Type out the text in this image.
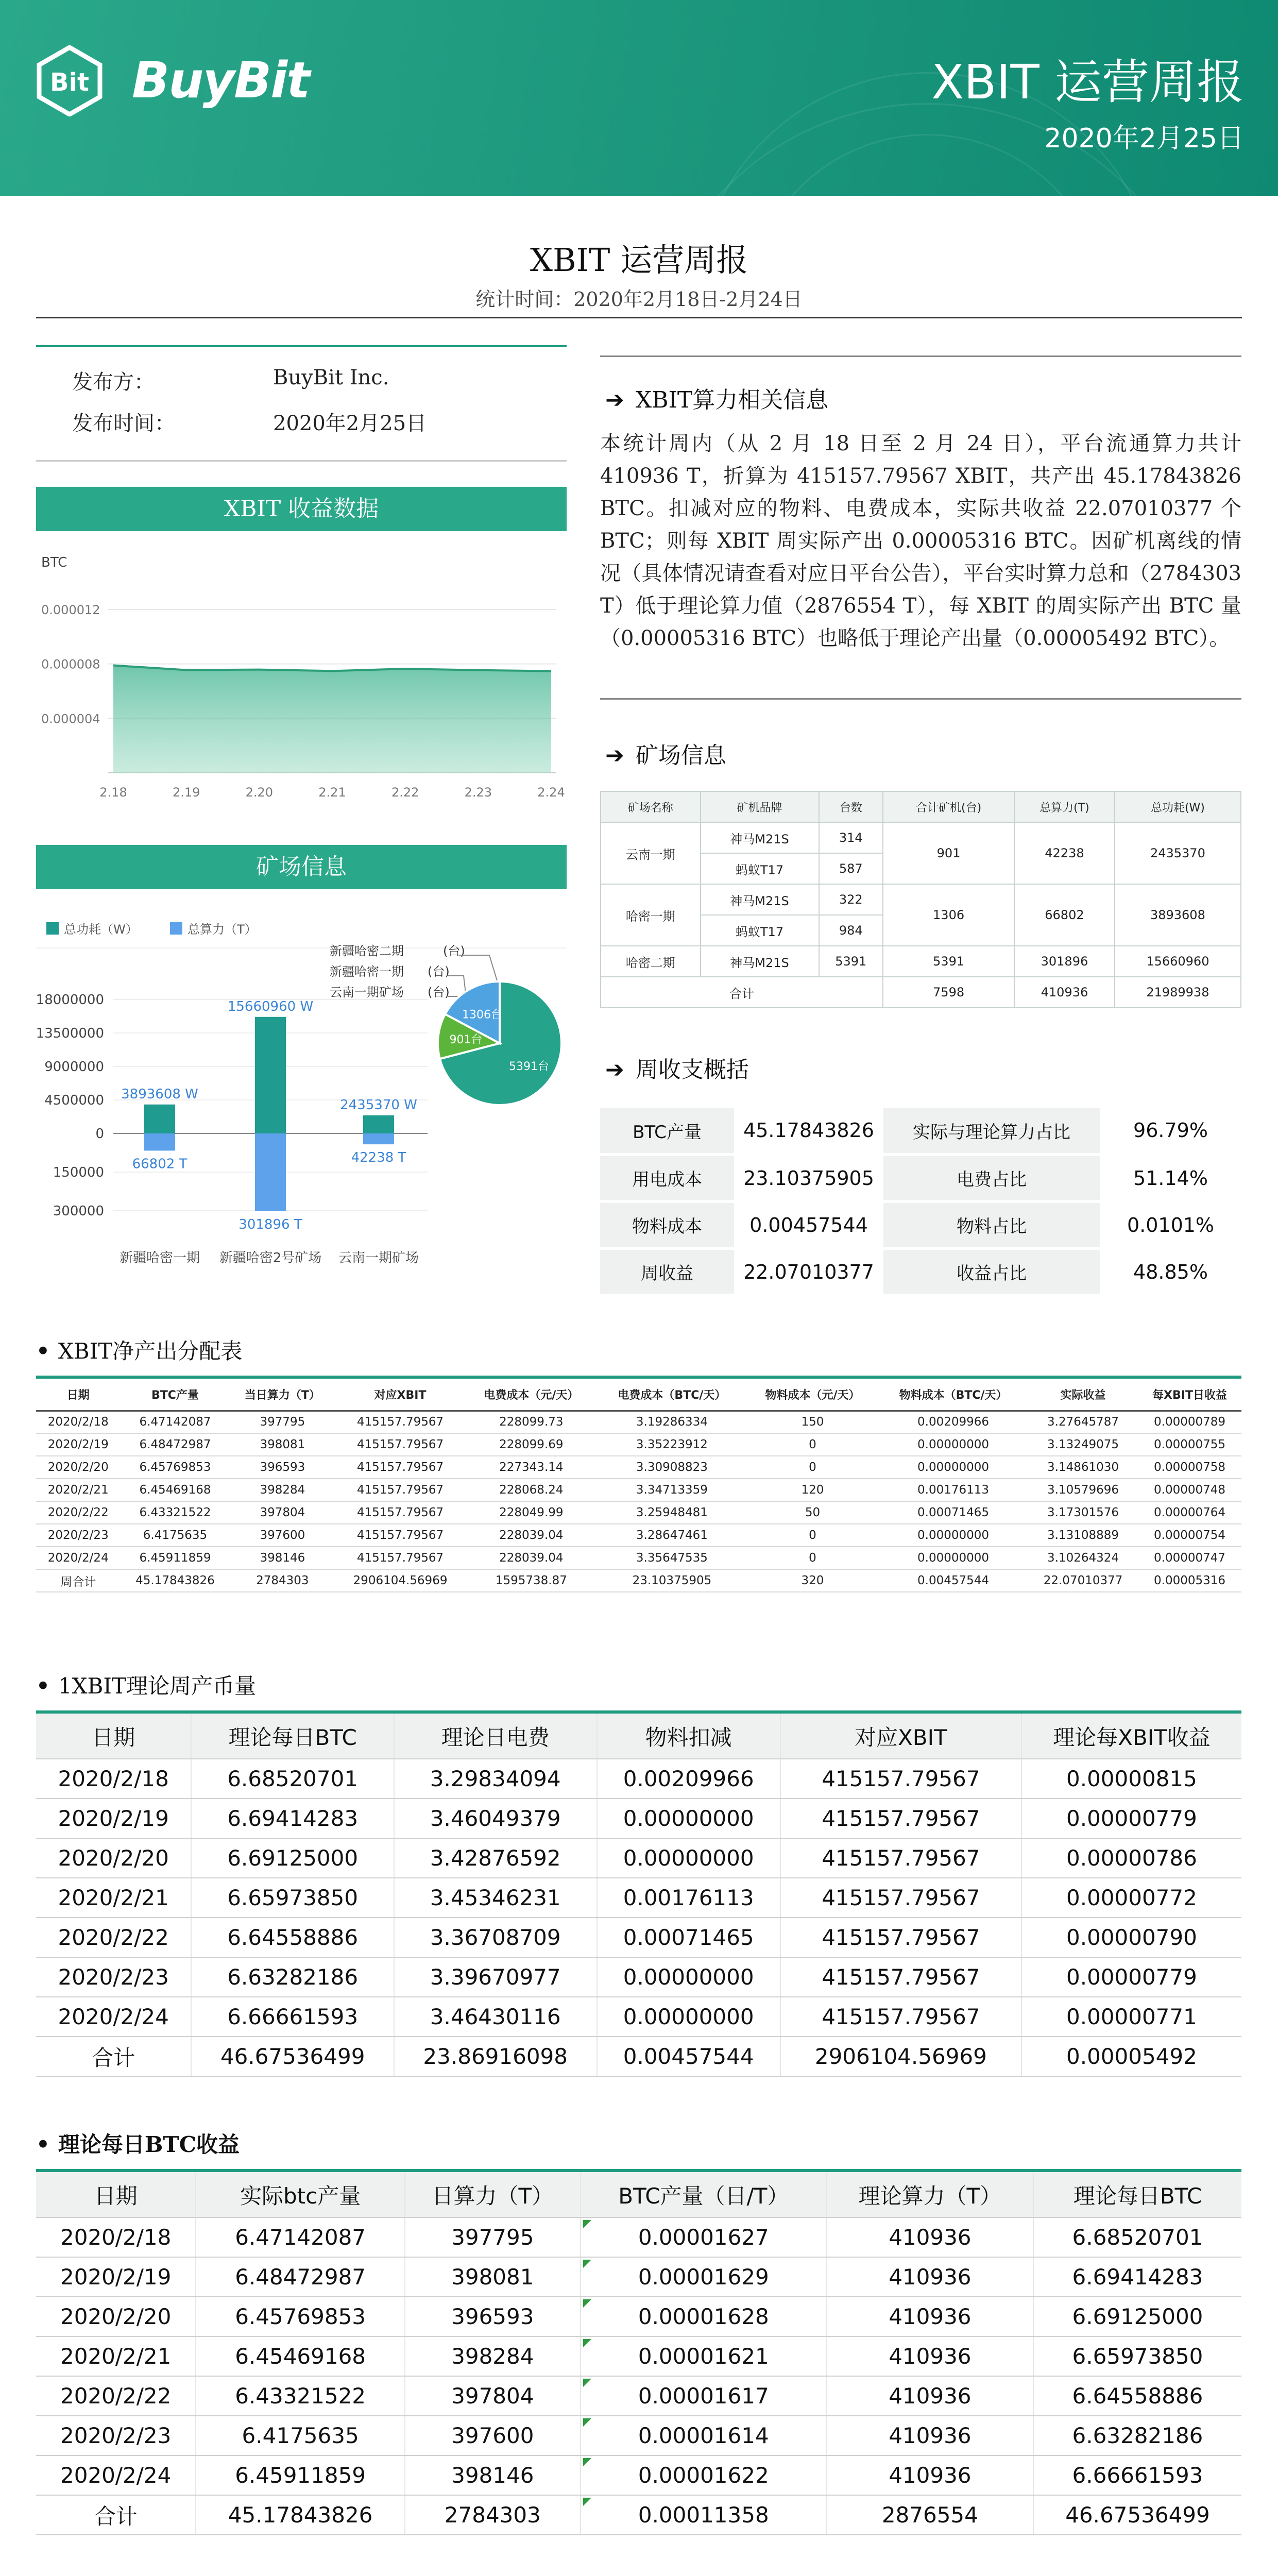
Bit BuyBit	XBIT 运营周报
2020年2月25日
XBIT 运营周报
统计时间：2020年2月18日-2月24日
发布方：	BuyBit Inc.
发布时间：	2020年2月25日
XBIT 收益数据
BTC
0.000012
0.000008
0.000004
2.18	2.19	2.20	2.21	2.22	2.23	2.24
矿场信息
总功耗（W）	总算力（T）
18000000
13500000
9000000
4500000
0
150000
300000
3893608 W
66802 T
新疆哈密一期
15660960 W
301896 T
新疆哈密2号矿场
2435370 W
42238 T
云南一期矿场
新疆哈密二期
新疆哈密一期
云南一期矿场
(台)
(台)
(台)
5391台
901台
1306台
➔ XBIT算力相关信息
本统计周内（从 2 月 18 日至 2 月 24 日），平台流通算力共计 410936 T，折算为 415157.79567 XBIT，共产出 45.17843826 BTC。扣减对应的物料、电费成本，实际共收益 22.07010377 个 BTC；则每 XBIT 周实际产出 0.00005316 BTC。因矿机离线的情况（具体情况请查看对应日平台公告），平台实时算力总和（2784303 T）低于理论算力值（2876554 T），每 XBIT 的周实际产出 BTC 量（0.00005316 BTC）也略低于理论产出量（0.00005492 BTC）。
➔ 矿场信息
矿场名称	矿机品牌	台数	合计矿机(台)	总算力(T)	总功耗(W)
云南一期	神马M21S	314	901	42238	2435370
	蚂蚁T17	587			
哈密一期	神马M21S	322	1306	66802	3893608
	蚂蚁T17	984			
哈密二期	神马M21S	5391	5391	301896	15660960
合计			7598	410936	21989938
➔ 周收支概括
BTC产量	45.17843826	实际与理论算力占比	96.79%
用电成本	23.10375905	电费占比	51.14%
物料成本	0.00457544	物料占比	0.0101%
周收益	22.07010377	收益占比	48.85%
• XBIT净产出分配表
日期	BTC产量	当日算力（T）	对应XBIT	电费成本（元/天）	电费成本（BTC/天）	物料成本（元/天）	物料成本（BTC/天）	实际收益	每XBIT日收益
2020/2/18	6.47142087	397795	415157.79567	228099.73	3.19286334	150	0.00209966	3.27645787	0.00000789
2020/2/19	6.48472987	398081	415157.79567	228099.69	3.35223912	0	0.00000000	3.13249075	0.00000755
2020/2/20	6.45769853	396593	415157.79567	227343.14	3.30908823	0	0.00000000	3.14861030	0.00000758
2020/2/21	6.45469168	398284	415157.79567	228068.24	3.34713359	120	0.00176113	3.10579696	0.00000748
2020/2/22	6.43321522	397804	415157.79567	228049.99	3.25948481	50	0.00071465	3.17301576	0.00000764
2020/2/23	6.4175635	397600	415157.79567	228039.04	3.28647461	0	0.00000000	3.13108889	0.00000754
2020/2/24	6.45911859	398146	415157.79567	228039.04	3.35647535	0	0.00000000	3.10264324	0.00000747
周合计	45.17843826	2784303	2906104.56969	1595738.87	23.10375905	320	0.00457544	22.07010377	0.00005316
• 1XBIT理论周产币量
日期	理论每日BTC	理论日电费	物料扣减	对应XBIT	理论每XBIT收益
2020/2/18	6.68520701	3.29834094	0.00209966	415157.79567	0.00000815
2020/2/19	6.69414283	3.46049379	0.00000000	415157.79567	0.00000779
2020/2/20	6.69125000	3.42876592	0.00000000	415157.79567	0.00000786
2020/2/21	6.65973850	3.45346231	0.00176113	415157.79567	0.00000772
2020/2/22	6.64558886	3.36708709	0.00071465	415157.79567	0.00000790
2020/2/23	6.63282186	3.39670977	0.00000000	415157.79567	0.00000779
2020/2/24	6.66661593	3.46430116	0.00000000	415157.79567	0.00000771
合计	46.67536499	23.86916098	0.00457544	2906104.56969	0.00005492
• 理论每日BTC收益
日期	实际btc产量	日算力（T）	BTC产量（日/T）	理论算力（T）	理论每日BTC
2020/2/18	6.47142087	397795	0.00001627	410936	6.68520701
2020/2/19	6.48472987	398081	0.00001629	410936	6.69414283
2020/2/20	6.45769853	396593	0.00001628	410936	6.69125000
2020/2/21	6.45469168	398284	0.00001621	410936	6.65973850
2020/2/22	6.43321522	397804	0.00001617	410936	6.64558886
2020/2/23	6.4175635	397600	0.00001614	410936	6.63282186
2020/2/24	6.45911859	398146	0.00001622	410936	6.66661593
合计	45.17843826	2784303	0.00011358	2876554	46.67536499
